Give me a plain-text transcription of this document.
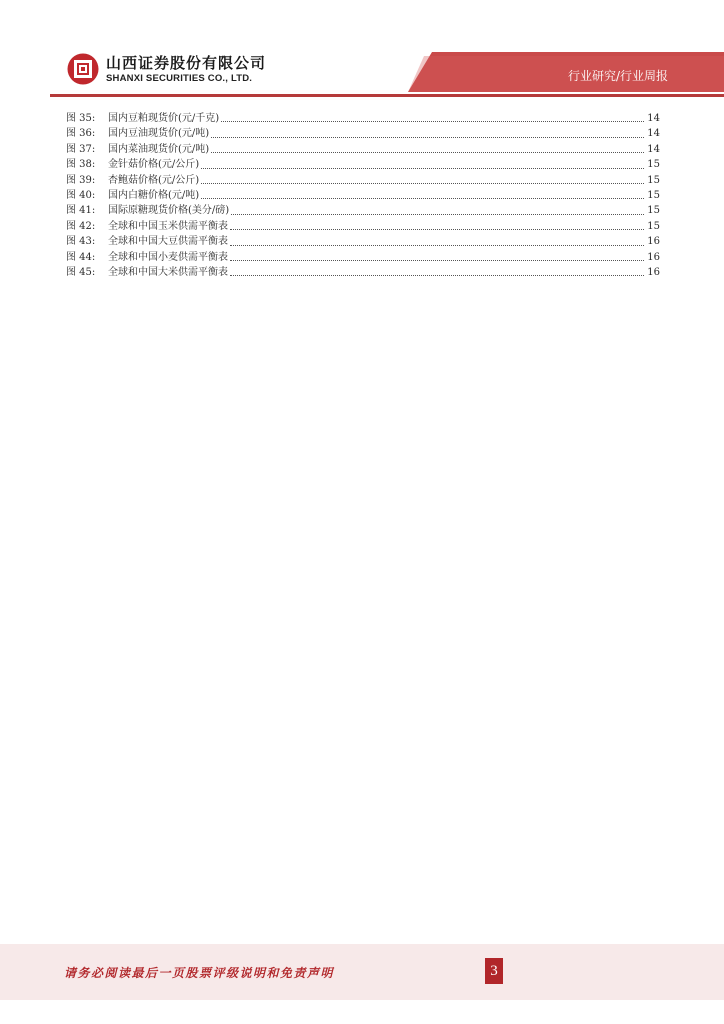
山西证券股份有限公司
SHANXI SECURITIES CO., LTD.	行业研究/行业周报
图 35:	国内豆粕现货价(元/千克)	14
图 36:	国内豆油现货价(元/吨)	14
图 37:	国内菜油现货价(元/吨)	14
图 38:	金针菇价格(元/公斤)	15
图 39:	杏鲍菇价格(元/公斤)	15
图 40:	国内白糖价格(元/吨)	15
图 41:	国际原糖现货价格(美分/磅)	15
图 42:	全球和中国玉米供需平衡表	15
图 43:	全球和中国大豆供需平衡表	16
图 44:	全球和中国小麦供需平衡表	16
图 45:	全球和中国大米供需平衡表	16
请务必阅读最后一页股票评级说明和免责声明	3
